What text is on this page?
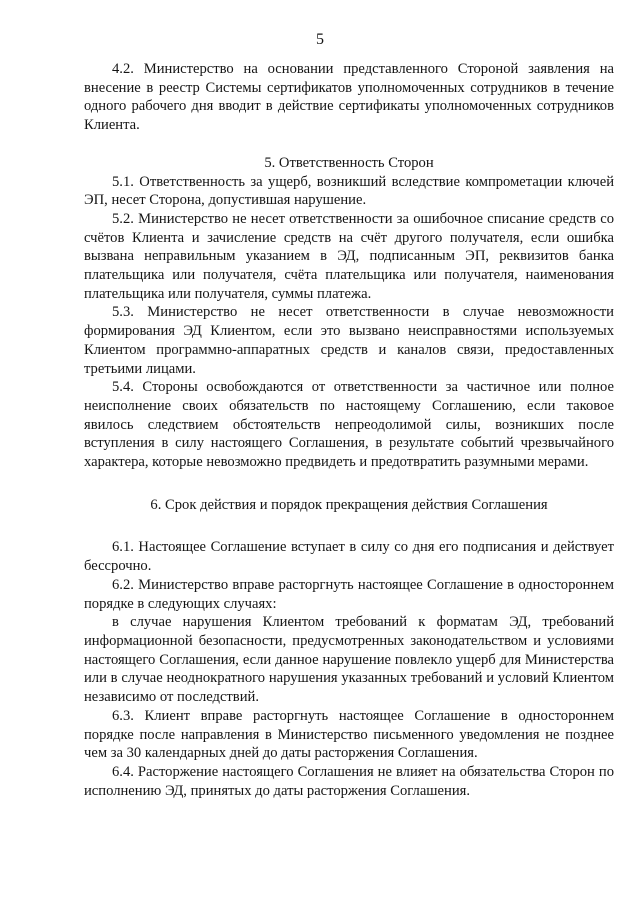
5

4.2. Министерство на основании представленного Стороной заявления на внесение в реестр Системы сертификатов уполномоченных сотрудников в течение одного рабочего дня вводит в действие сертификаты уполномоченных сотрудников Клиента.

5. Ответственность Сторон

5.1. Ответственность за ущерб, возникший вследствие компрометации ключей ЭП, несет Сторона, допустившая нарушение.

5.2. Министерство не несет ответственности за ошибочное списание средств со счётов Клиента и зачисление средств на счёт другого получателя, если ошибка вызвана неправильным указанием в ЭД, подписанным ЭП, реквизитов банка плательщика или получателя, счёта плательщика или получателя, наименования плательщика или получателя, суммы платежа.

5.3. Министерство не несет ответственности в случае невозможности формирования ЭД Клиентом, если это вызвано неисправностями используемых Клиентом программно-аппаратных средств и каналов связи, предоставленных третьими лицами.

5.4. Стороны освобождаются от ответственности за частичное или полное неисполнение своих обязательств по настоящему Соглашению, если таковое явилось следствием обстоятельств непреодолимой силы, возникших после вступления в силу настоящего Соглашения, в результате событий чрезвычайного характера, которые невозможно предвидеть и предотвратить разумными мерами.

6. Срок действия и порядок прекращения действия Соглашения

6.1. Настоящее Соглашение вступает в силу со дня его подписания и действует бессрочно.

6.2. Министерство вправе расторгнуть настоящее Соглашение в одностороннем порядке в следующих случаях:

в случае нарушения Клиентом требований к форматам ЭД, требований информационной безопасности, предусмотренных законодательством и условиями настоящего Соглашения, если данное нарушение повлекло ущерб для Министерства или в случае неоднократного нарушения указанных требований и условий Клиентом независимо от последствий.

6.3. Клиент вправе расторгнуть настоящее Соглашение в одностороннем порядке после направления в Министерство письменного уведомления не позднее чем за 30 календарных дней до даты расторжения Соглашения.

6.4. Расторжение настоящего Соглашения не влияет на обязательства Сторон по исполнению ЭД, принятых до даты расторжения Соглашения.
